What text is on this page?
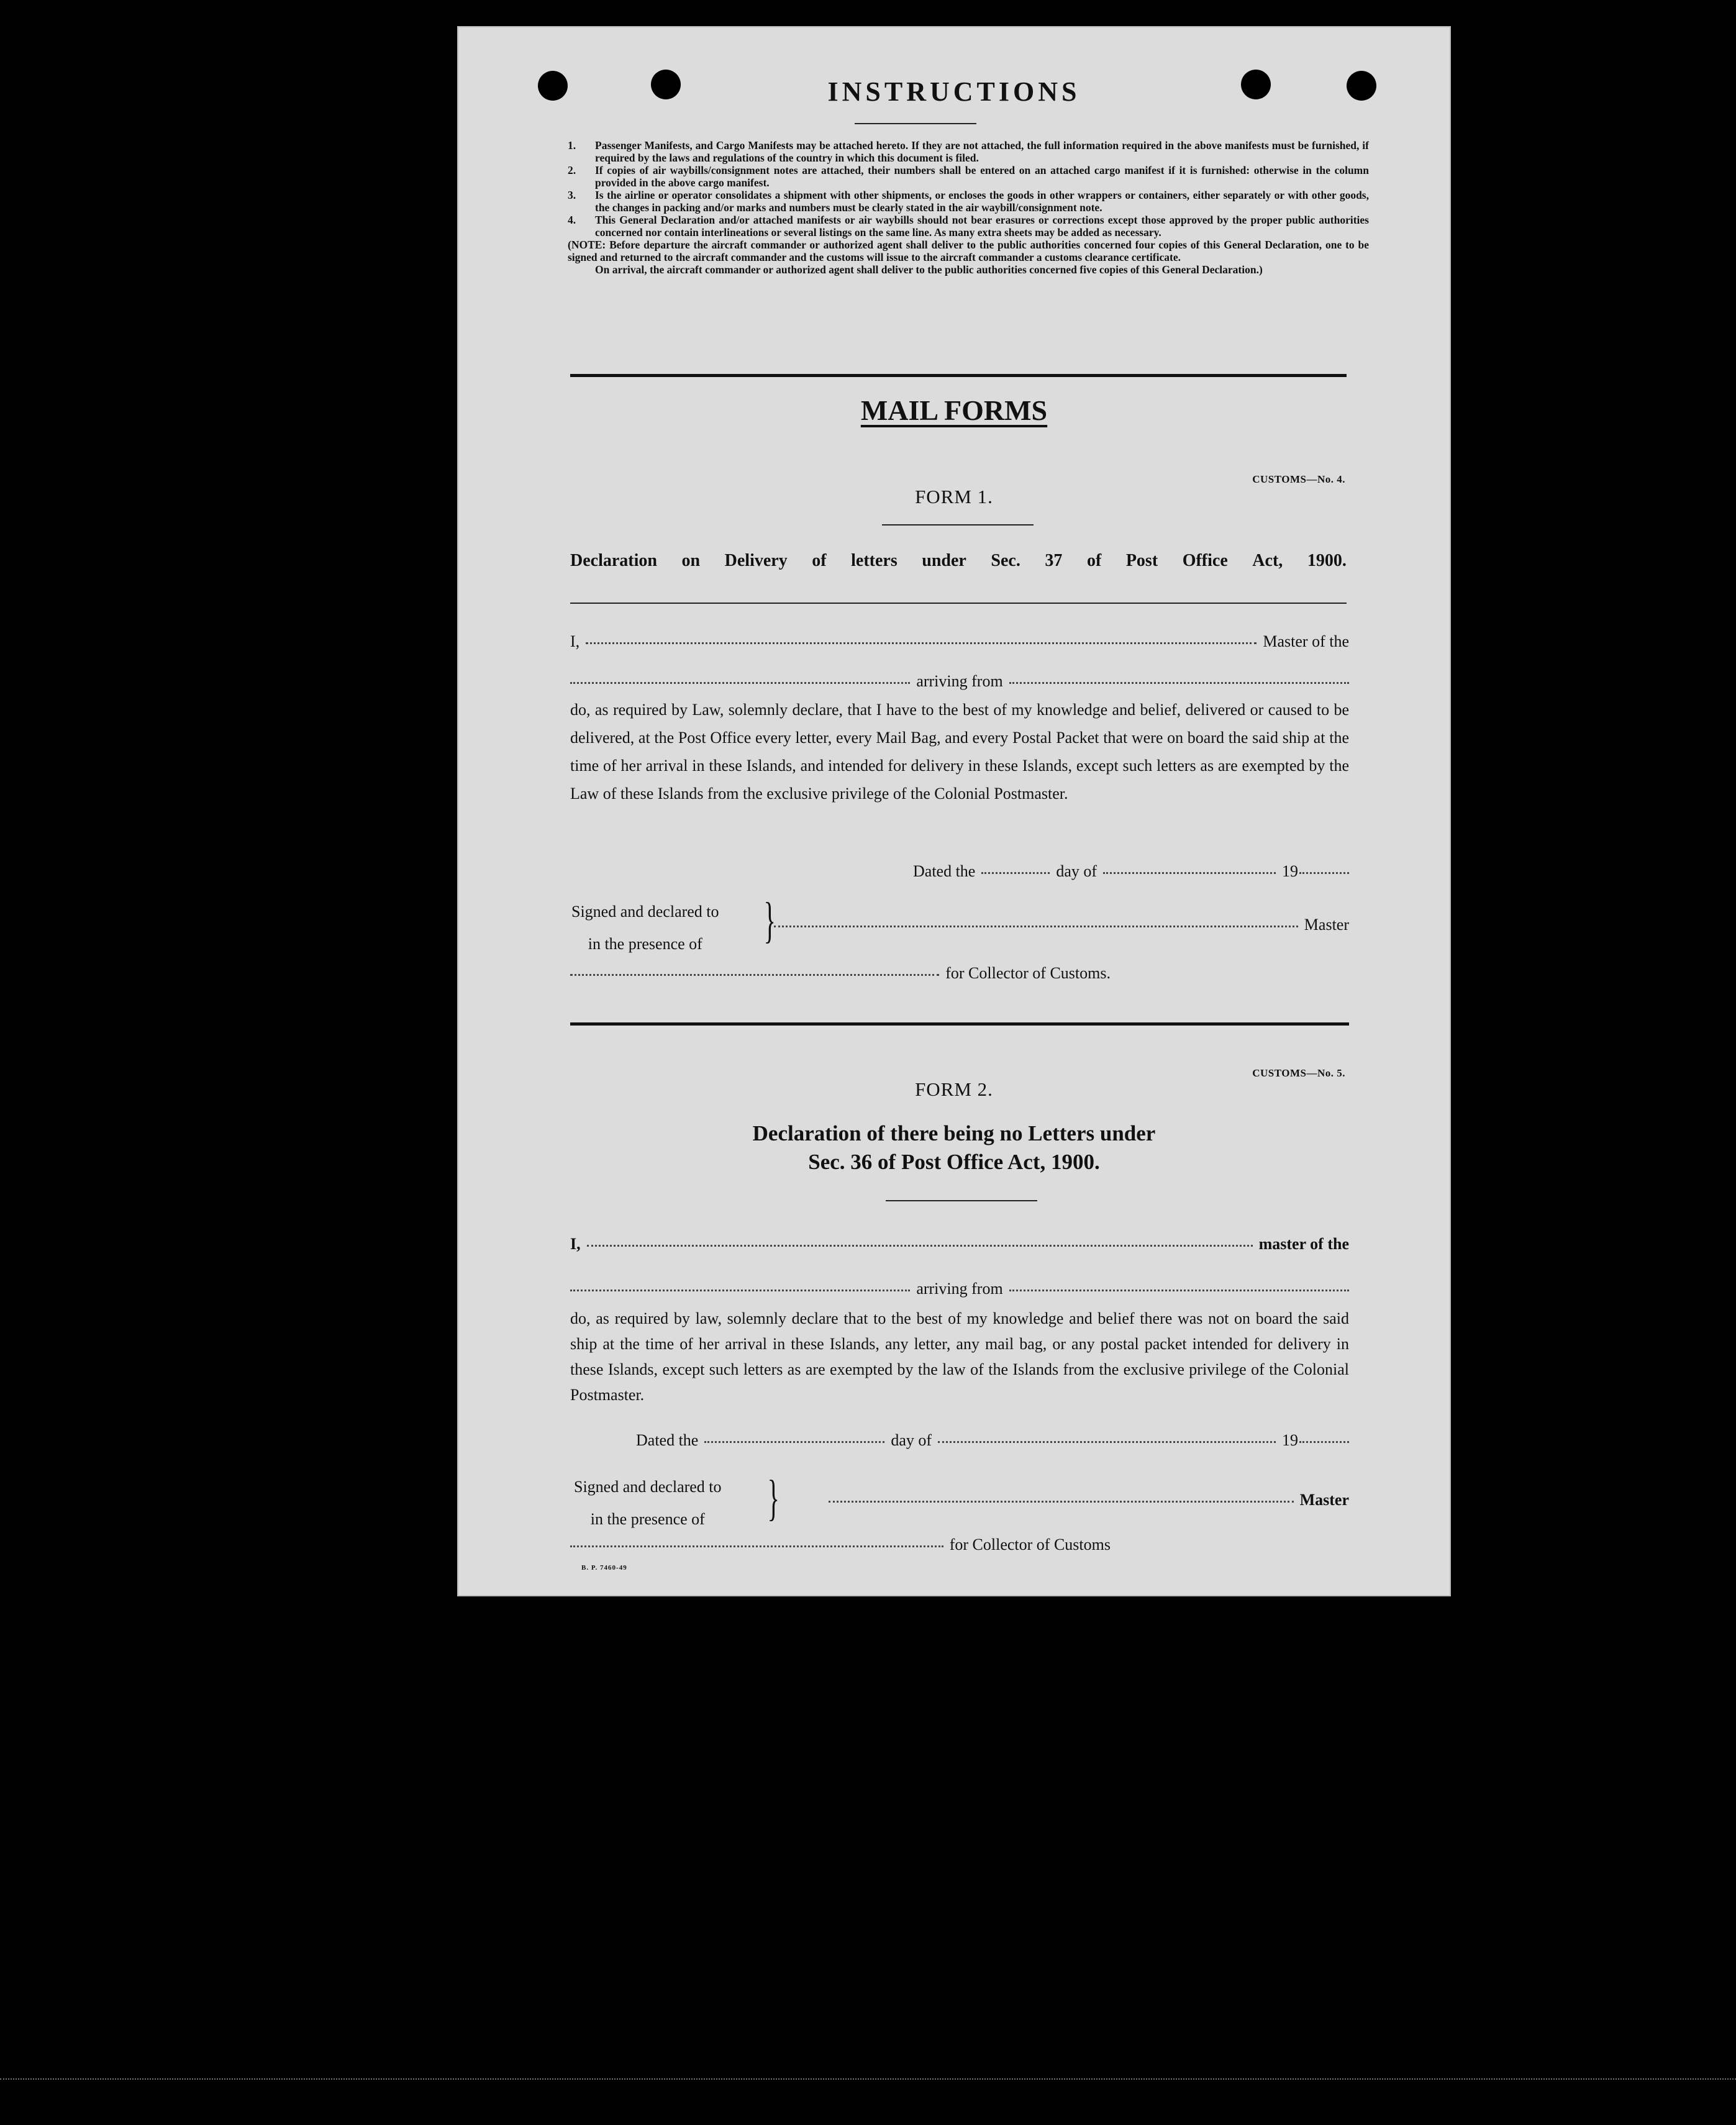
INSTRUCTIONS
1.	Passenger Manifests, and Cargo Manifests may be attached hereto. If they are not attached, the full information required in the above manifests must be furnished, if required by the laws and regulations of the country in which this document is filed.
2.	If copies of air waybills/consignment notes are attached, their numbers shall be entered on an attached cargo manifest if it is furnished: otherwise in the column provided in the above cargo manifest.
3.	Is the airline or operator consolidates a shipment with other shipments, or encloses the goods in other wrappers or containers, either separately or with other goods, the changes in packing and/or marks and numbers must be clearly stated in the air waybill/consignment note.
4.	This General Declaration and/or attached manifests or air waybills should not bear erasures or corrections except those approved by the proper public authorities concerned nor contain interlineations or several listings on the same line. As many extra sheets may be added as necessary.
(NOTE: Before departure the aircraft commander or authorized agent shall deliver to the public authorities concerned four copies of this General Declaration, one to be signed and returned to the aircraft commander and the customs will issue to the aircraft commander a customs clearance certificate.
On arrival, the aircraft commander or authorized agent shall deliver to the public authorities concerned five copies of this General Declaration.)
MAIL FORMS
CUSTOMS—No. 4.
FORM 1.
Declaration on Delivery of letters under Sec. 37 of Post Office Act, 1900.
I,	Master of the
arriving from
do, as required by Law, solemnly declare, that I have to the best of my knowledge and belief, delivered or caused to be delivered, at the Post Office every letter, every Mail Bag, and every Postal Packet that were on board the said ship at the time of her arrival in these Islands, and intended for delivery in these Islands, except such letters as are exempted by the Law of these Islands from the exclusive privilege of the Colonial Postmaster.
Dated the	day of	19
Signed and declared to
in the presence of	}	Master
for Collector of Customs.
CUSTOMS—No. 5.
FORM 2.
Declaration of there being no Letters under
Sec. 36 of Post Office Act, 1900.
I,	master of the
arriving from
do, as required by law, solemnly declare that to the best of my knowledge and belief there was not on board the said ship at the time of her arrival in these Islands, any letter, any mail bag, or any postal packet intended for delivery in these Islands, except such letters as are exempted by the law of the Islands from the exclusive privilege of the Colonial Postmaster.
Dated the	day of	19
Signed and declared to
in the presence of	}	Master
for Collector of Customs
B. P. 7460-49
